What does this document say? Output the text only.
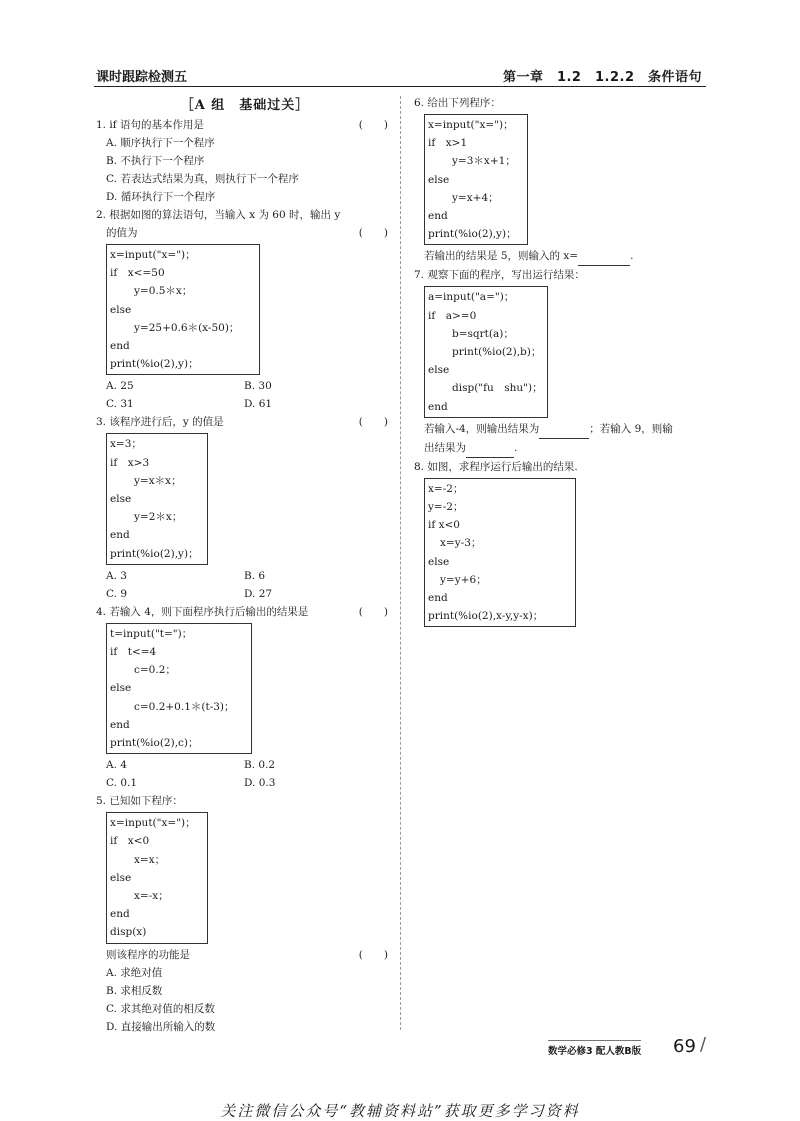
课时跟踪检测五	第一章　1.2　1.2.2　条件语句
［A 组　基础过关］
1. if 语句的基本作用是	(　　)
A. 顺序执行下一个程序
B. 不执行下一个程序
C. 若表达式结果为真，则执行下一个程序
D. 循环执行下一个程序
2. 根据如图的算法语句，当输入 x 为 60 时，输出 y
的值为	(　　)
x=input("x=")；
if　x<=50
y=0.5＊x；
else
y=25+0.6＊(x-50)；
end
print(%io(2),y)；
A. 25	B. 30
C. 31	D. 61
3. 该程序进行后，y 的值是	(　　)
x=3；
if　x>3
y=x＊x；
else
y=2＊x；
end
print(%io(2),y)；
A. 3	B. 6
C. 9	D. 27
4. 若输入 4，则下面程序执行后输出的结果是	(　　)
t=input("t=")；
if　t<=4
c=0.2；
else
c=0.2+0.1＊(t-3)；
end
print(%io(2),c)；
A. 4	B. 0.2
C. 0.1	D. 0.3
5. 已知如下程序：
x=input("x=")；
if　x<0
x=x；
else
x=-x；
end
disp(x)
则该程序的功能是	(　　)
A. 求绝对值
B. 求相反数
C. 求其绝对值的相反数
D. 直接输出所输入的数
6. 给出下列程序：
x=input("x=")；
if　x>1
y=3＊x+1；
else
y=x+4；
end
print(%io(2),y)；
若输出的结果是 5，则输入的 x=	.
7. 观察下面的程序，写出运行结果：
a=input("a=")；
if　a>=0
b=sqrt(a)；
print(%io(2),b)；
else
disp("fu　shu")；
end
若输入-4，则输出结果为	；若输入 9，则输
出结果为	.
8. 如图，求程序运行后输出的结果.
x=-2；
y=-2；
if x<0
x=y-3；
else
y=y+6；
end
print(%io(2),x-y,y-x)；
数学必修3 配人教B版 69 /
关注微信公众号“教辅资料站”获取更多学习资料
